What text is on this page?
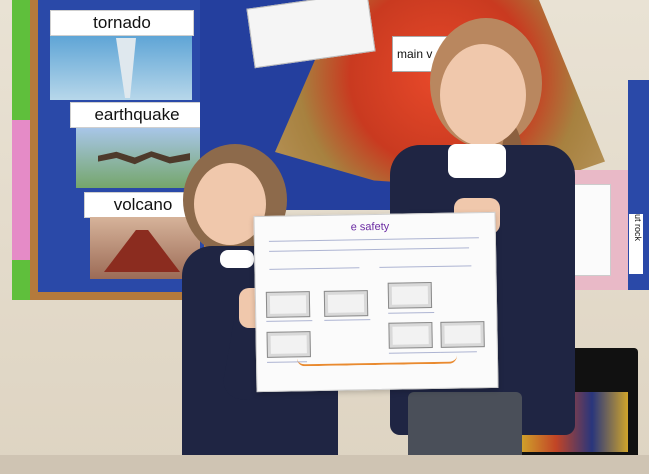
tornado
earthquake
volcano
main v
ut rock
e safety
